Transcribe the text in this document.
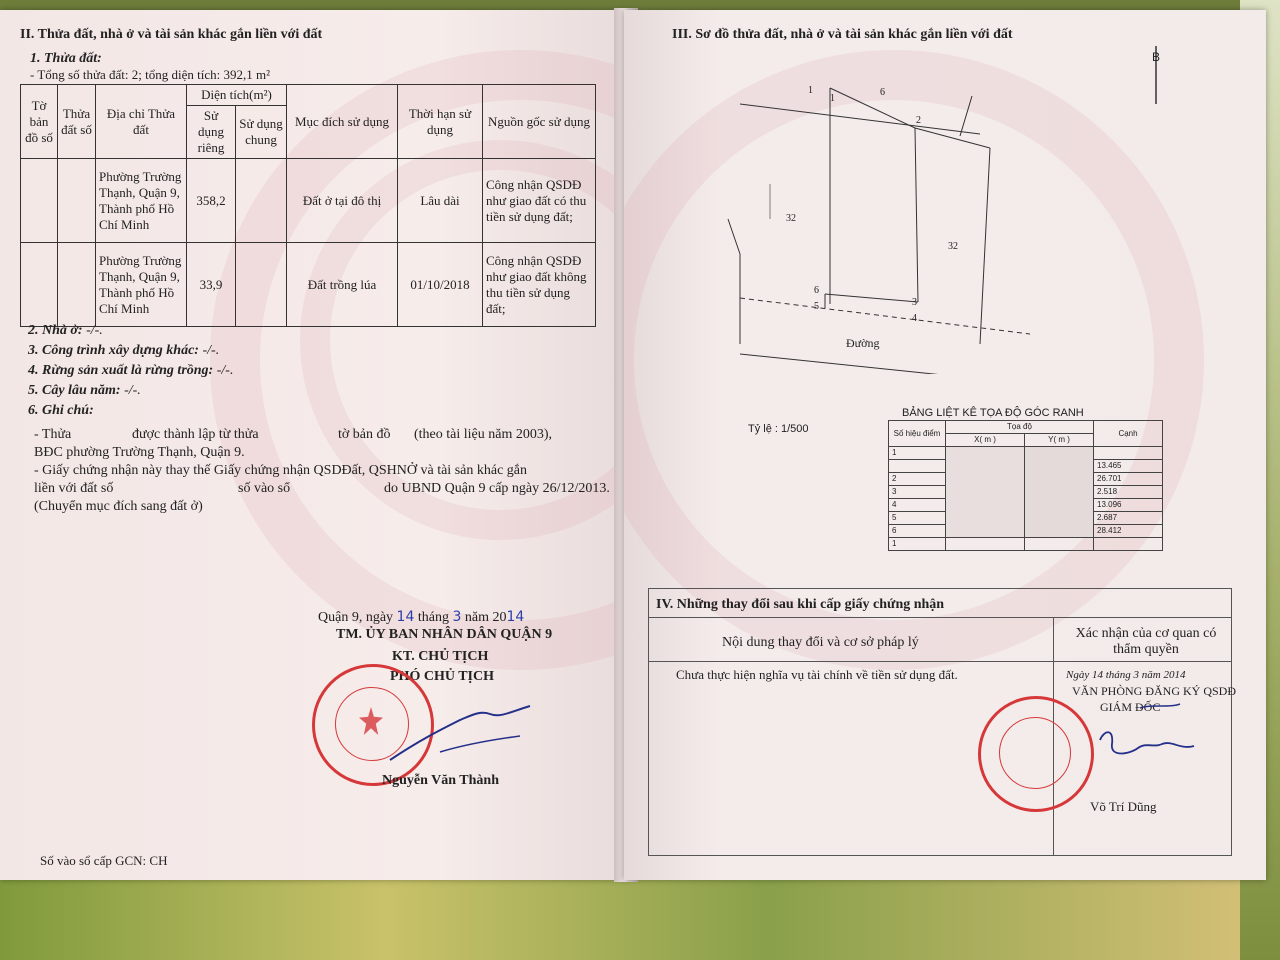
II. Thửa đất, nhà ở và tài sản khác gắn liền với đất
1. Thửa đất:
- Tổng số thửa đất: 2; tổng diện tích: 392,1 m²
Tờ bản đồ số	Thửa đất số	Địa chỉ Thửa đất	Diện tích(m²)		Mục đích sử dụng	Thời hạn sử dụng	Nguồn gốc sử dụng
			Sử dụng riêng	Sử dụng chung			
		Phường Trường Thạnh, Quận 9, Thành phố Hồ Chí Minh	358,2		Đất ở tại đô thị	Lâu dài	Công nhận QSDĐ như giao đất có thu tiền sử dụng đất;
		Phường Trường Thạnh, Quận 9, Thành phố Hồ Chí Minh	33,9		Đất trồng lúa	01/10/2018	Công nhận QSDĐ như giao đất không thu tiền sử dụng đất;
2. Nhà ở: -/-.
3. Công trình xây dựng khác: -/-.
4. Rừng sản xuất là rừng trồng: -/-.
5. Cây lâu năm: -/-.
6. Ghi chú:
- Thửa	được thành lập từ thửa	tờ bản đồ (theo tài liệu năm 2003),
BĐC phường Trường Thạnh, Quận 9.
- Giấy chứng nhận này thay thế Giấy chứng nhận QSDĐất, QSHNỞ và tài sản khác gắn
liền với đất số	số vào sổ	do UBND Quận 9 cấp ngày 26/12/2013.
(Chuyển mục đích sang đất ở)
Quận 9, ngày 14 tháng 3 năm 2014
TM. ỦY BAN NHÂN DÂN QUẬN 9
KT. CHỦ TỊCH
PHÓ CHỦ TỊCH
Nguyễn Văn Thành
Số vào sổ cấp GCN: CH
III. Sơ đồ thửa đất, nhà ở và tài sản khác gắn liền với đất
B
1
1
6
2
3
4
5
6
32
32
Đường
Tỷ lệ : 1/500
BẢNG LIỆT KÊ TỌA ĐỘ GÓC RANH
Số hiệu điểm	Tọa độ		Cạnh
	X( m )	Y( m )	
1			
			13.465
2			26.701
3			2.518
4			13.096
5			2.687
6			28.412
1			
IV. Những thay đổi sau khi cấp giấy chứng nhận
Nội dung thay đổi và cơ sở pháp lý
Xác nhận của cơ quan có thẩm quyền
Chưa thực hiện nghĩa vụ tài chính về tiền sử dụng đất.	Ngày 14 tháng 3 năm 2014
VĂN PHÒNG ĐĂNG KÝ QSDĐ
GIÁM ĐỐC
Võ Trí Dũng
